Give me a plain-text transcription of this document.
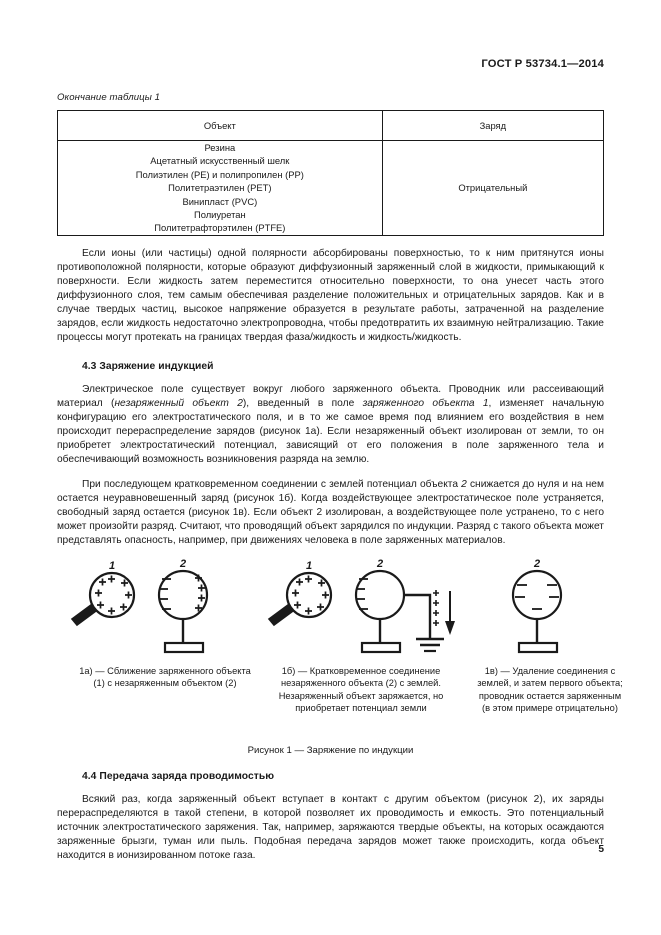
ГОСТ Р 53734.1—2014
Окончание таблицы 1
Объект	Заряд

Резина
Ацетатный искусственный шелк
Полиэтилен (PE) и полипропилен (PP)
Политетраэтилен (PET)
Винипласт (PVC)
Полиуретан
Политетрафторэтилен (PTFE)
	Отрицательный

Если ионы (или частицы) одной полярности абсорбированы поверхностью, то к ним притянутся ионы противоположной полярности, которые образуют диффузионный заряженный слой в жидкости, примыкающий к поверхности. Если жидкость затем переместится относительно поверхности, то она унесет часть этого диффузионного слоя, тем самым обеспечивая разделение положительных и отрицательных зарядов. Как и в случае твердых частиц, высокое напряжение образуется в результате работы, затраченной на разделение зарядов, если жидкость недостаточно электропроводна, чтобы предотвратить их взаимную нейтрализацию. Такие процессы могут протекать на границах твердая фаза/жидкость и жидкость/жидкость.

4.3 Заряжение индукцией

Электрическое поле существует вокруг любого заряженного объекта. Проводник или рассеивающий материал (незаряженный объект 2), введенный в поле заряженного объекта 1, изменяет начальную конфигурацию его электростатического поля, и в то же самое время под влиянием его воздействия в нем происходит перераспределение зарядов (рисунок 1а). Если незаряженный объект изолирован от земли, то он приобретет электростатический потенциал, зависящий от его положения в поле заряженного тела и обеспечивающий возможность возникновения разряда на землю.

При последующем кратковременном соединении с землей потенциал объекта 2 снижается до нуля и на нем остается неуравновешенный заряд (рисунок 1б). Когда воздействующее электростатическое поле устраняется, свободный заряд остается (рисунок 1в). Если объект 2 изолирован, а воздействующее поле устранено, то с него может произойти разряд. Считают, что проводящий объект зарядился по индукции. Разряд с такого объекта может представлять опасность, например, при движениях человека в поле заряженных материалов.

1	2	1	2	2
1а) — Сближение заряженного объекта (1) с незаряженным объектом (2)
1б) — Кратковременное соединение незаряженного объекта (2) с землей. Незаряженный объект заряжается, но приобретает потенциал земли
1в) — Удаление соединения с землей, и затем первого объекта; проводник остается заряженным (в этом примере отрицательно)
Рисунок 1 — Заряжение по индукции
4.4 Передача заряда проводимостью

Всякий раз, когда заряженный объект вступает в контакт с другим объектом (рисунок 2), их заряды перераспределяются в такой степени, в которой позволяет их проводимость и емкость. Это потенциальный источник электростатического заряжения. Так, например, заряжаются твердые объекты, на которых осаждаются заряженные брызги, туман или пыль. Подобная передача зарядов может также происходить, когда объект находится в ионизированном потоке газа.

5
